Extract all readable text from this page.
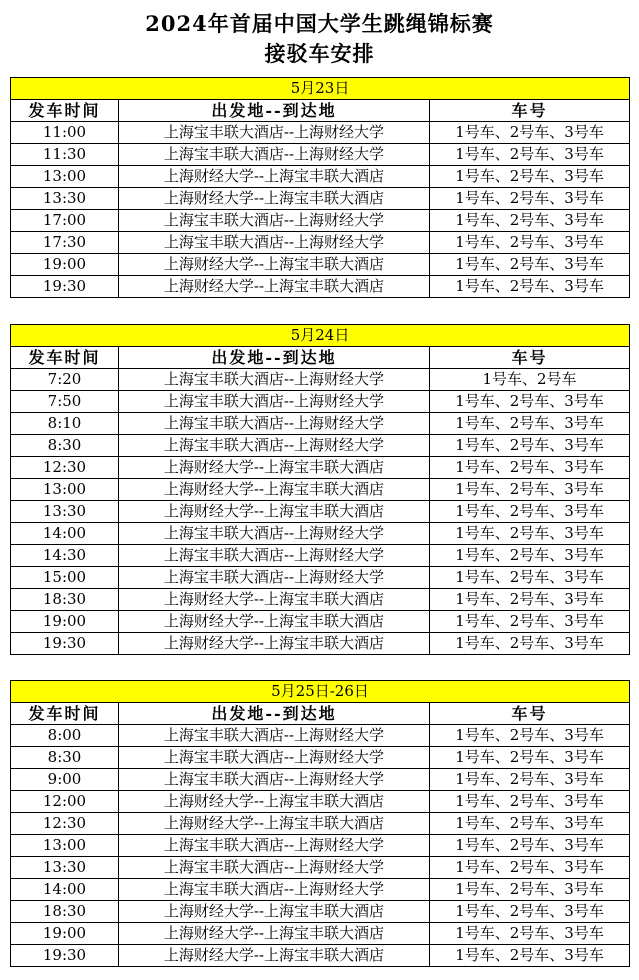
2024年首届中国大学生跳绳锦标赛
接驳车安排
5月23日		
发车时间	出发地--到达地	车号
11:00	上海宝丰联大酒店--上海财经大学	1号车、2号车、3号车
11:30	上海宝丰联大酒店--上海财经大学	1号车、2号车、3号车
13:00	上海财经大学--上海宝丰联大酒店	1号车、2号车、3号车
13:30	上海财经大学--上海宝丰联大酒店	1号车、2号车、3号车
17:00	上海宝丰联大酒店--上海财经大学	1号车、2号车、3号车
17:30	上海宝丰联大酒店--上海财经大学	1号车、2号车、3号车
19:00	上海财经大学--上海宝丰联大酒店	1号车、2号车、3号车
19:30	上海财经大学--上海宝丰联大酒店	1号车、2号车、3号车
5月24日		
发车时间	出发地--到达地	车号
7:20	上海宝丰联大酒店--上海财经大学	1号车、2号车
7:50	上海宝丰联大酒店--上海财经大学	1号车、2号车、3号车
8:10	上海宝丰联大酒店--上海财经大学	1号车、2号车、3号车
8:30	上海宝丰联大酒店--上海财经大学	1号车、2号车、3号车
12:30	上海财经大学--上海宝丰联大酒店	1号车、2号车、3号车
13:00	上海财经大学--上海宝丰联大酒店	1号车、2号车、3号车
13:30	上海财经大学--上海宝丰联大酒店	1号车、2号车、3号车
14:00	上海宝丰联大酒店--上海财经大学	1号车、2号车、3号车
14:30	上海宝丰联大酒店--上海财经大学	1号车、2号车、3号车
15:00	上海宝丰联大酒店--上海财经大学	1号车、2号车、3号车
18:30	上海财经大学--上海宝丰联大酒店	1号车、2号车、3号车
19:00	上海财经大学--上海宝丰联大酒店	1号车、2号车、3号车
19:30	上海财经大学--上海宝丰联大酒店	1号车、2号车、3号车
5月25日-26日		
发车时间	出发地--到达地	车号
8:00	上海宝丰联大酒店--上海财经大学	1号车、2号车、3号车
8:30	上海宝丰联大酒店--上海财经大学	1号车、2号车、3号车
9:00	上海宝丰联大酒店--上海财经大学	1号车、2号车、3号车
12:00	上海财经大学--上海宝丰联大酒店	1号车、2号车、3号车
12:30	上海财经大学--上海宝丰联大酒店	1号车、2号车、3号车
13:00	上海宝丰联大酒店--上海财经大学	1号车、2号车、3号车
13:30	上海宝丰联大酒店--上海财经大学	1号车、2号车、3号车
14:00	上海宝丰联大酒店--上海财经大学	1号车、2号车、3号车
18:30	上海财经大学--上海宝丰联大酒店	1号车、2号车、3号车
19:00	上海财经大学--上海宝丰联大酒店	1号车、2号车、3号车
19:30	上海财经大学--上海宝丰联大酒店	1号车、2号车、3号车
